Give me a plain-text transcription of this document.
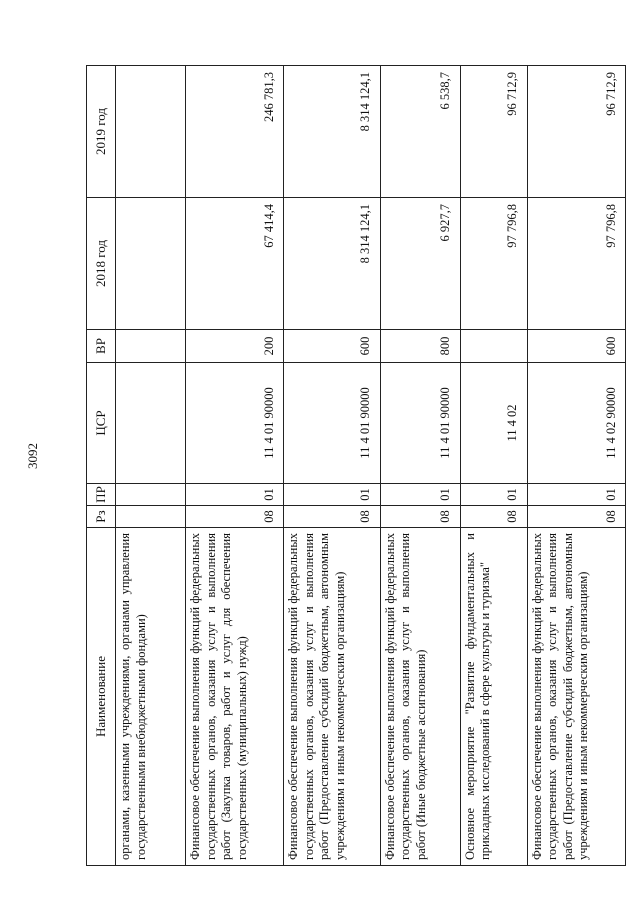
3092
Наименование	Рз	ПР	ЦСР	ВР	2018 год	2019 год
органами, казенными учреждениями, органами управления государственными внебюджетными фондами)						
Финансовое обеспечение выполнения функций федеральных государственных органов, оказания услуг и выполнения работ (Закупка товаров, работ и услуг для обеспечения государственных (муниципальных) нужд)	08	01	11 4 01 90000	200	67 414,4	246 781,3
Финансовое обеспечение выполнения функций федеральных государственных органов, оказания услуг и выполнения работ (Предоставление субсидий бюджетным, автономным учреждениям и иным некоммерческим организациям)	08	01	11 4 01 90000	600	8 314 124,1	8 314 124,1
Финансовое обеспечение выполнения функций федеральных государственных органов, оказания услуг и выполнения работ (Иные бюджетные ассигнования)	08	01	11 4 01 90000	800	6 927,7	6 538,7
Основное мероприятие "Развитие фундаментальных и прикладных исследований в сфере культуры и туризма"	08	01	11 4 02		97 796,8	96 712,9
Финансовое обеспечение выполнения функций федеральных государственных органов, оказания услуг и выполнения работ (Предоставление субсидий бюджетным, автономным учреждениям и иным некоммерческим организациям)	08	01	11 4 02 90000	600	97 796,8	96 712,9
